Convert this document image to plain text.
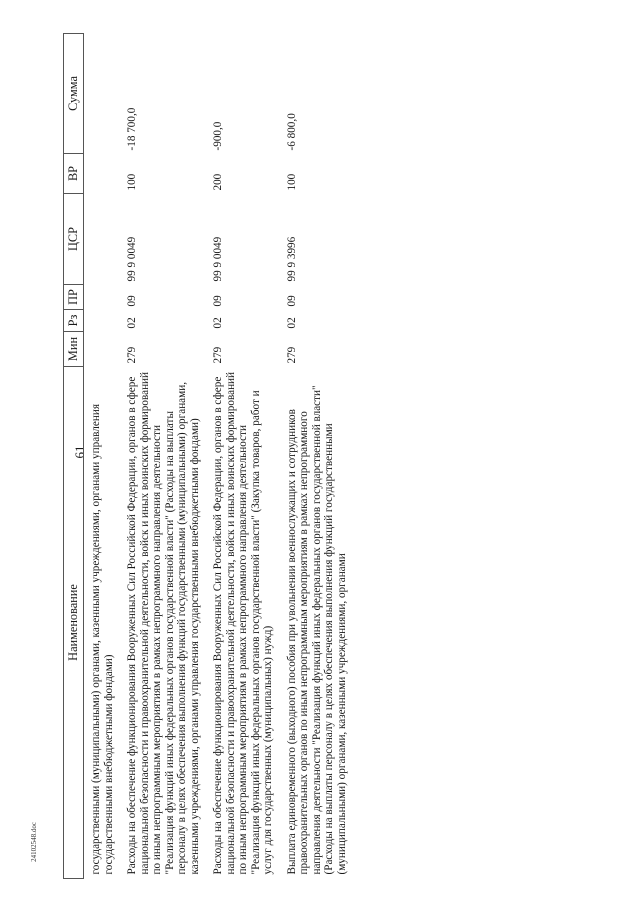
61
Наименование	Мин	Рз	ПР	ЦСР	ВР	Сумма
государственными (муниципальными) органами, казенными учреждениями, органами управления государственными внебюджетными фондами)						
Расходы на обеспечение функционирования Вооруженных Сил Российской Федерации, органов в сфере национальной безопасности и правоохранительной деятельности, войск и иных воинских формирований по иным непрограммным мероприятиям в рамках непрограммного направления деятельности "Реализация функций иных федеральных органов государственной власти" (Расходы на выплаты персоналу в целях обеспечения выполнения функций государственными (муниципальными) органами, казенными учреждениями, органами управления государственными внебюджетными фондами)	279	02	09	99 9 0049	100	-18 700,0
Расходы на обеспечение функционирования Вооруженных Сил Российской Федерации, органов в сфере национальной безопасности и правоохранительной деятельности, войск и иных воинских формирований по иным непрограммным мероприятиям в рамках непрограммного направления деятельности "Реализация функций иных федеральных органов государственной власти" (Закупка товаров, работ и услуг для государственных (муниципальных) нужд)	279	02	09	99 9 0049	200	-900,0
Выплата единовременного (выходного) пособия при увольнении военнослужащих и сотрудников правоохранительных органов по иным непрограммным мероприятиям в рамках непрограммного направления деятельности "Реализация функций иных федеральных органов государственной власти" (Расходы на выплаты персоналу в целях обеспечения выполнения функций государственными (муниципальными) органами, казенными учреждениями, органами	279	02	09	99 9 3996	100	-6 800,0
24102548.doc
